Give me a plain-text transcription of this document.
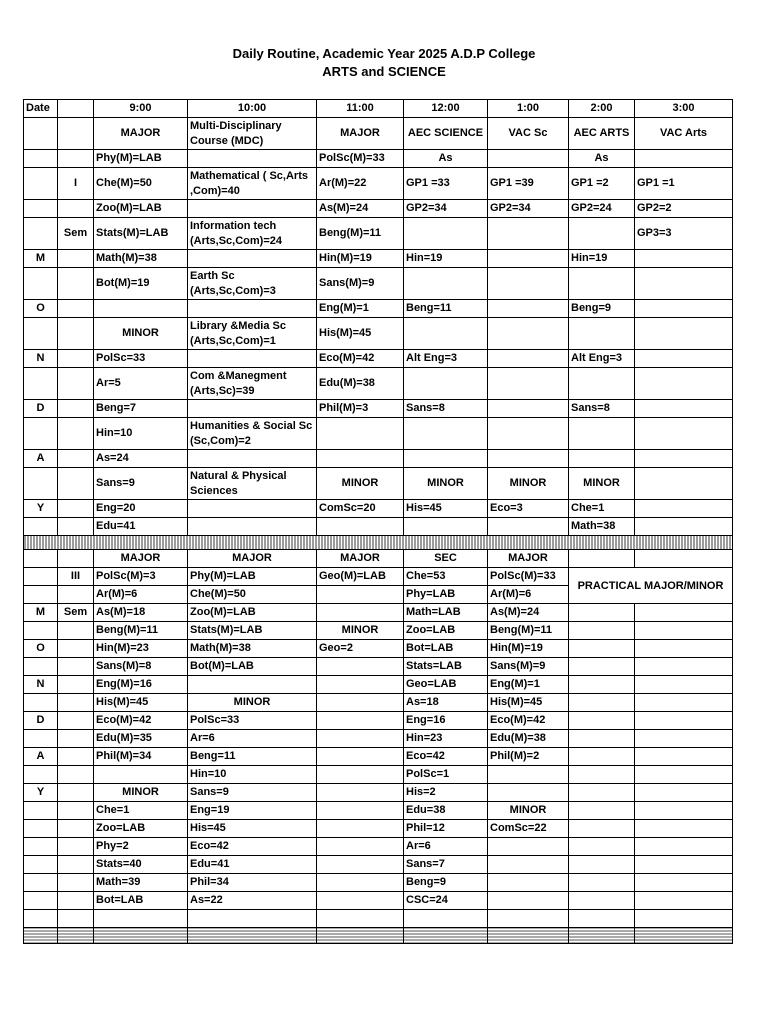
Daily Routine, Academic Year 2025 A.D.P College
ARTS and SCIENCE
Date		9:00	10:00	11:00	12:00	1:00	2:00	3:00
		MAJOR	Multi-Disciplinary Course (MDC)	MAJOR	AEC SCIENCE	VAC Sc	AEC ARTS	VAC Arts
		Phy(M)=LAB		PolSc(M)=33	As		As	
	I	Che(M)=50	Mathematical ( Sc,Arts ,Com)=40	Ar(M)=22	GP1 =33	GP1 =39	GP1 =2	GP1 =1
		Zoo(M)=LAB		As(M)=24	GP2=34	GP2=34	GP2=24	GP2=2
	Sem	Stats(M)=LAB	Information tech (Arts,Sc,Com)=24	Beng(M)=11				GP3=3
M		Math(M)=38		Hin(M)=19	Hin=19		Hin=19	
		Bot(M)=19	Earth Sc (Arts,Sc,Com)=3	Sans(M)=9				
O				Eng(M)=1	Beng=11		Beng=9	
		MINOR	Library &Media Sc (Arts,Sc,Com)=1	His(M)=45				
N		PolSc=33		Eco(M)=42	Alt Eng=3		Alt Eng=3	
		Ar=5	Com &Manegment (Arts,Sc)=39	Edu(M)=38				
D		Beng=7		Phil(M)=3	Sans=8		Sans=8	
		Hin=10	Humanities & Social Sc (Sc,Com)=2					
A		As=24						
		Sans=9	Natural & Physical Sciences	MINOR	MINOR	MINOR	MINOR	
Y		Eng=20		ComSc=20	His=45	Eco=3	Che=1	
		Edu=41					Math=38	

		MAJOR	MAJOR	MAJOR	SEC	MAJOR		
	III	PolSc(M)=3	Phy(M)=LAB	Geo(M)=LAB	Che=53	PolSc(M)=33	PRACTICAL MAJOR/MINOR	
		Ar(M)=6	Che(M)=50		Phy=LAB	Ar(M)=6		
M	Sem	As(M)=18	Zoo(M)=LAB		Math=LAB	As(M)=24		
		Beng(M)=11	Stats(M)=LAB	MINOR	Zoo=LAB	Beng(M)=11		
O		Hin(M)=23	Math(M)=38	Geo=2	Bot=LAB	Hin(M)=19		
		Sans(M)=8	Bot(M)=LAB		Stats=LAB	Sans(M)=9		
N		Eng(M)=16			Geo=LAB	Eng(M)=1		
		His(M)=45	MINOR		As=18	His(M)=45		
D		Eco(M)=42	PolSc=33		Eng=16	Eco(M)=42		
		Edu(M)=35	Ar=6		Hin=23	Edu(M)=38		
A		Phil(M)=34	Beng=11		Eco=42	Phil(M)=2		
			Hin=10		PolSc=1			
Y		MINOR	Sans=9		His=2			
		Che=1	Eng=19		Edu=38	MINOR		
		Zoo=LAB	His=45		Phil=12	ComSc=22		
		Phy=2	Eco=42		Ar=6			
		Stats=40	Edu=41		Sans=7			
		Math=39	Phil=34		Beng=9			
		Bot=LAB	As=22		CSC=24			
